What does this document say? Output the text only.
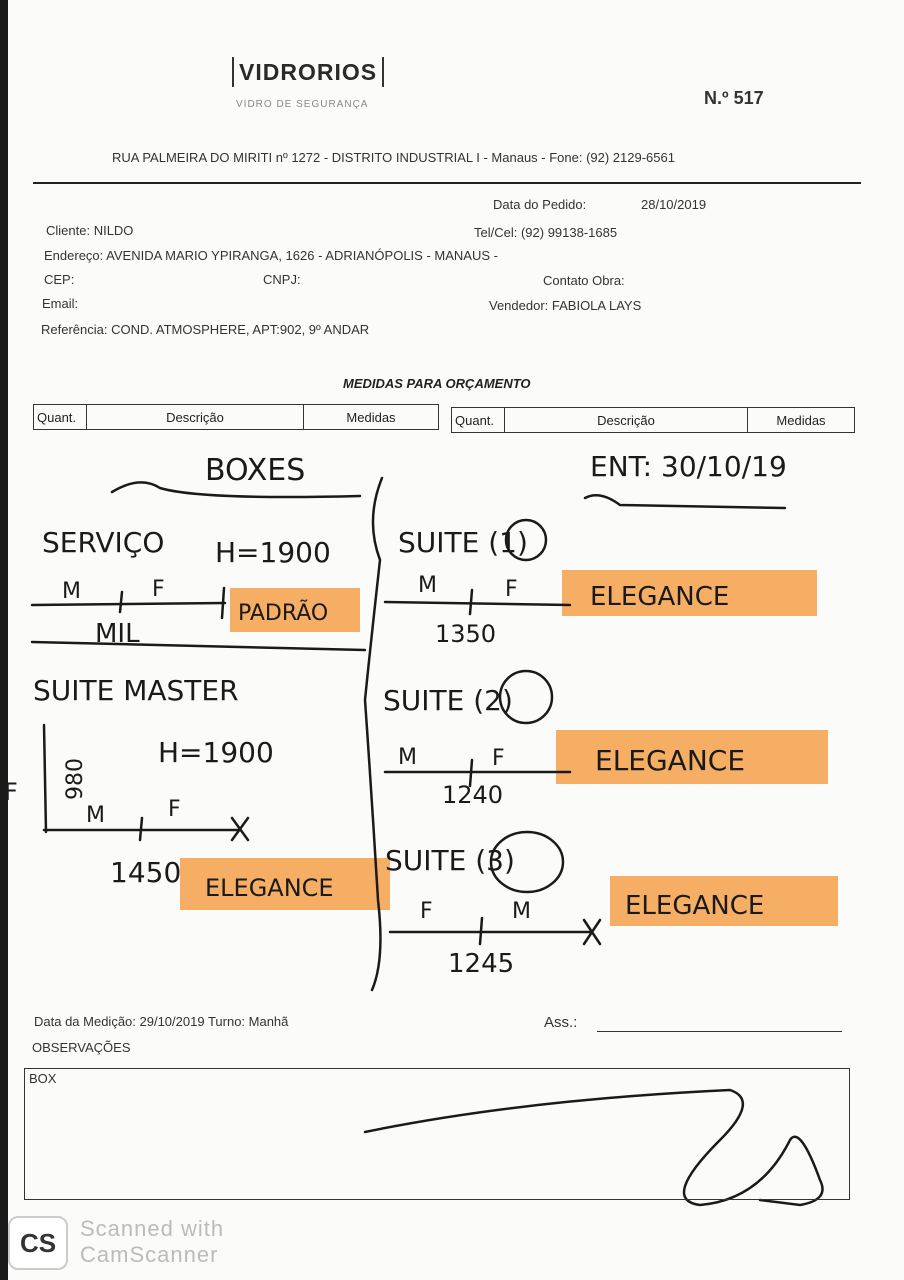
VIDRORIOS
VIDRO DE SEGURANÇA	N.º 517
RUA PALMEIRA DO MIRITI nº 1272 - DISTRITO INDUSTRIAL I - Manaus - Fone: (92) 2129-6561
Data do Pedido:	28/10/2019
Cliente: NILDO	Tel/Cel: (92) 99138-1685
Endereço: AVENIDA MARIO YPIRANGA, 1626 - ADRIANÓPOLIS - MANAUS -
CEP:	CNPJ:	Contato Obra:
Email:	Vendedor: FABIOLA LAYS
Referência: COND. ATMOSPHERE, APT:902, 9º ANDAR
MEDIDAS PARA ORÇAMENTO
Quant.	Descrição	Medidas	Quant.	Descrição	Medidas
BOXES	ENT: 30/10/19
SERVIÇO H=1900
M	F
MIL
PADRÃO
SUITE MASTER
H=1900
980
F
M	F
1450 ELEGANCE
SUITE (1)
M	F
1350
ELEGANCE
SUITE (2)
M	F
1240
ELEGANCE
SUITE (3)
F	M
1245
ELEGANCE
Data da Medição: 29/10/2019 Turno: Manhã	Ass.:
OBSERVAÇÕES
BOX
CS	Scanned with CamScanner
